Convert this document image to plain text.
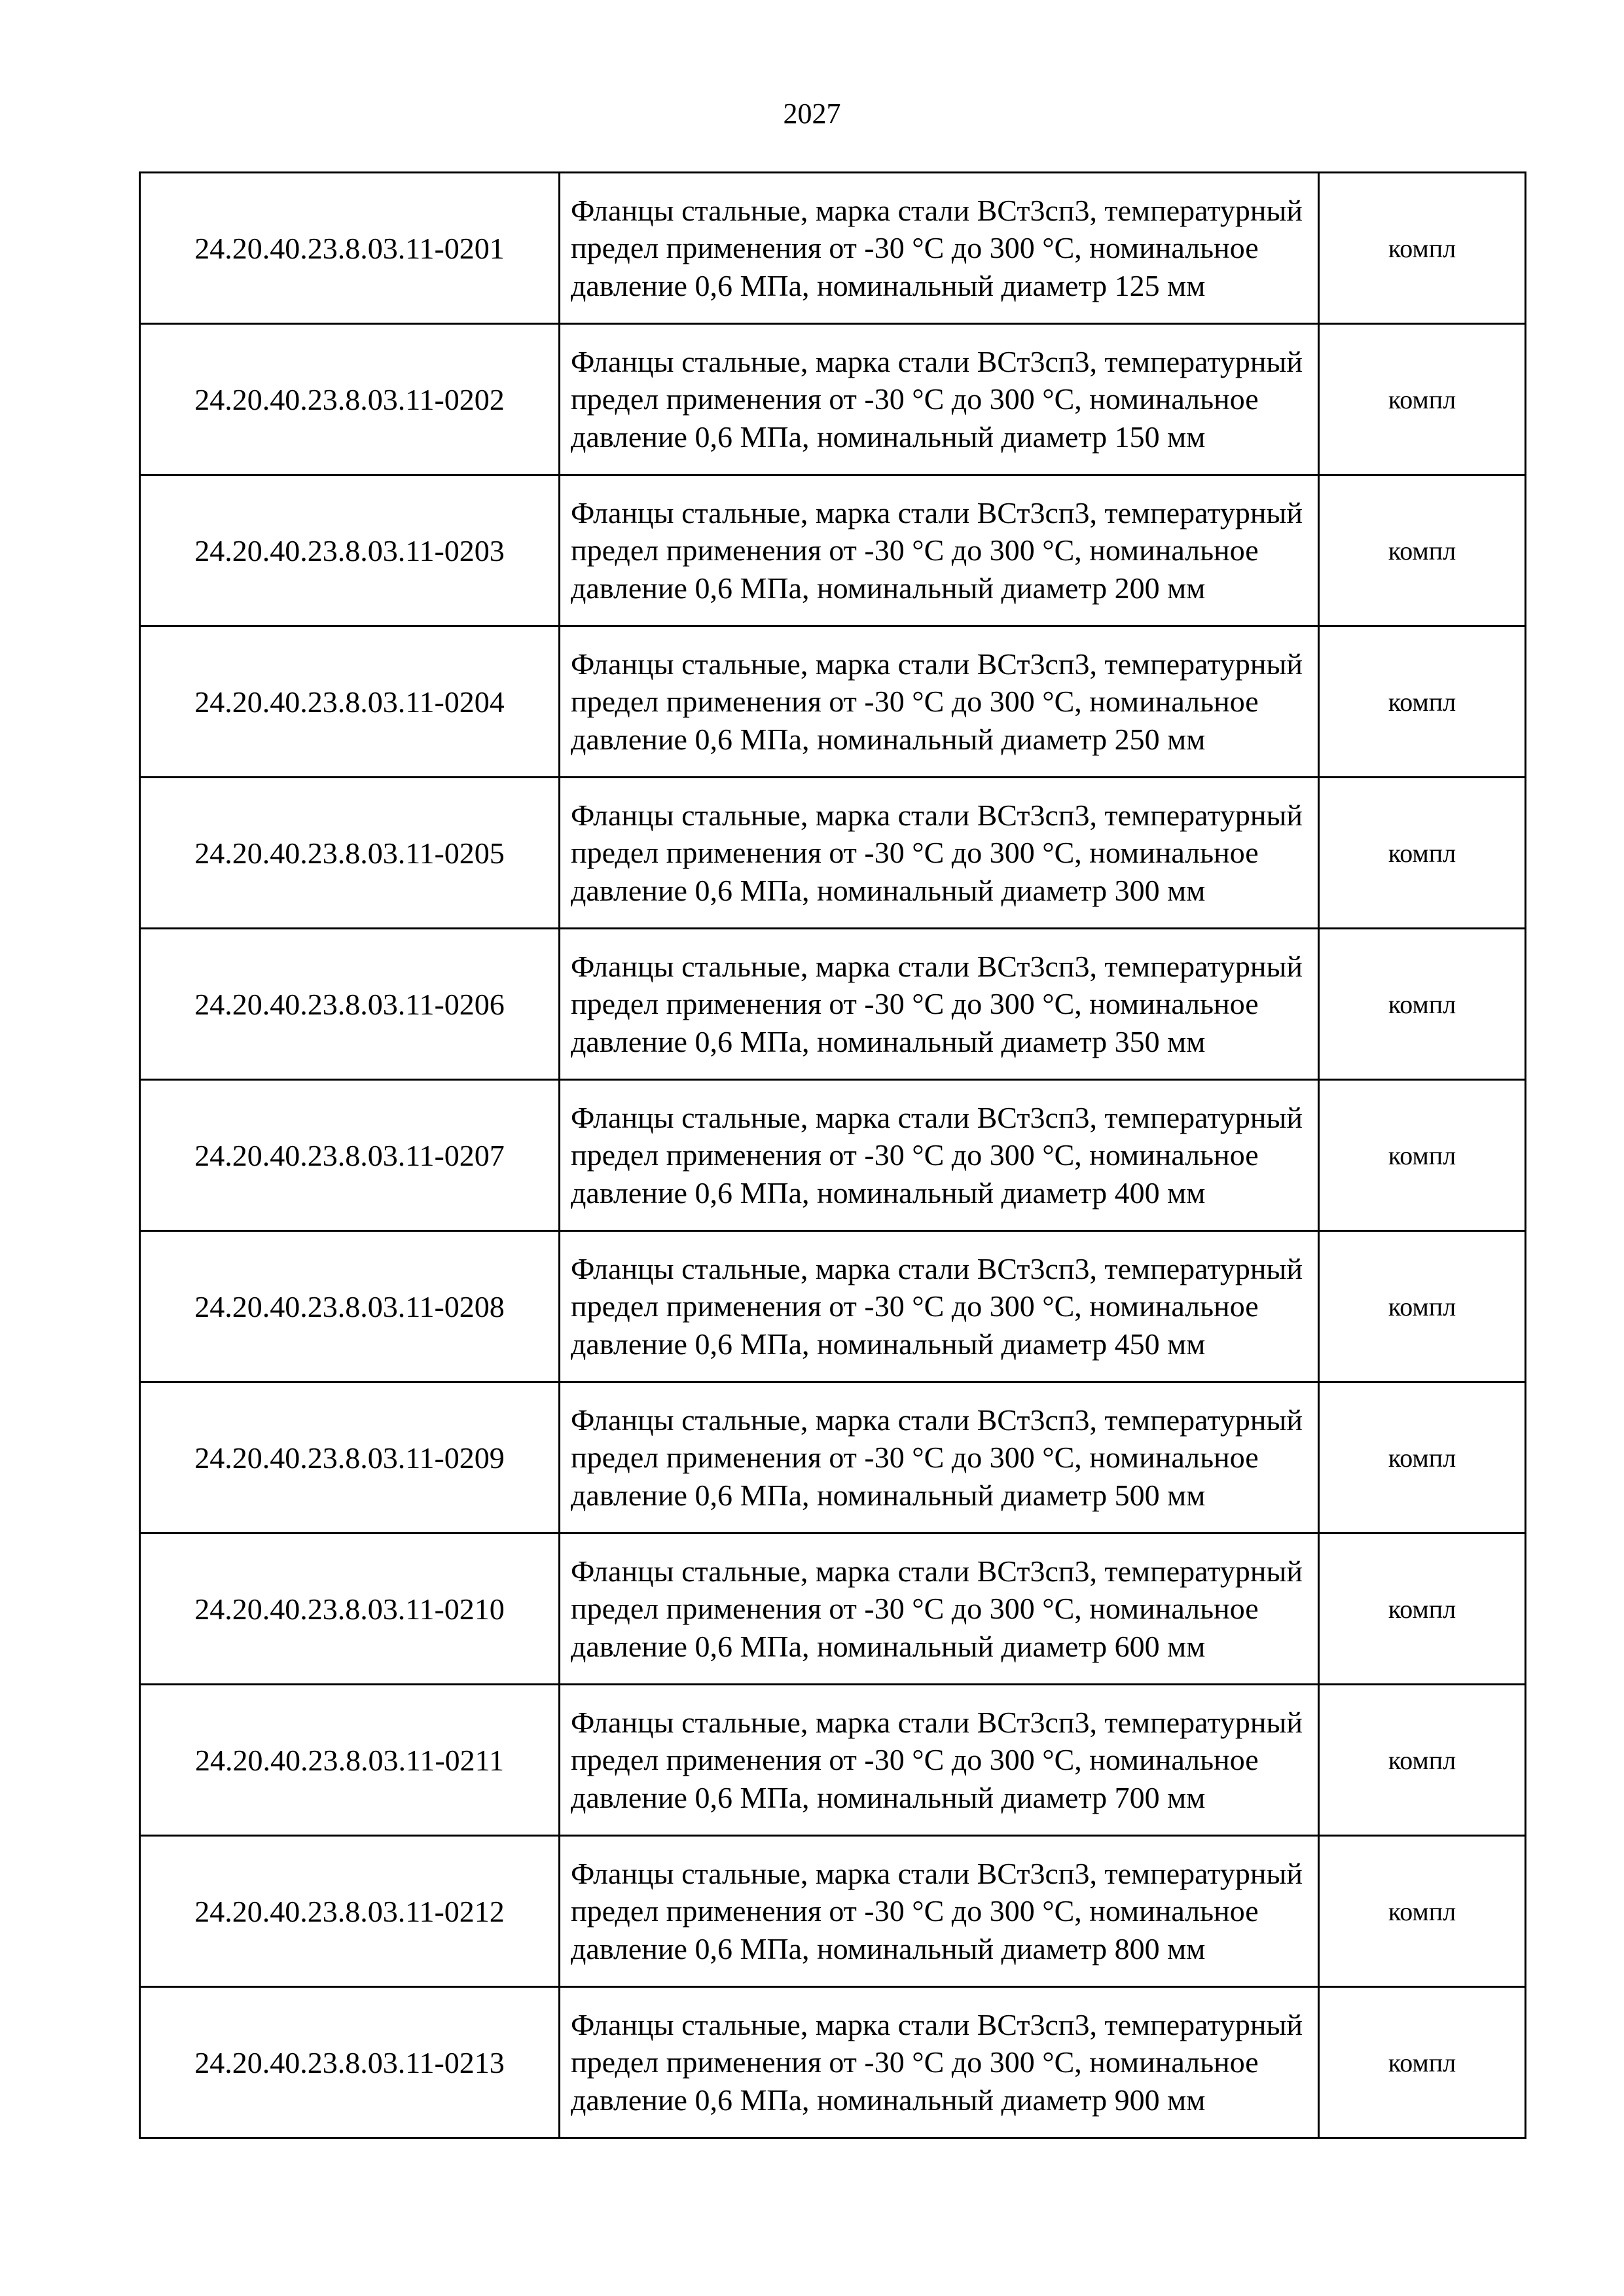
2027
24.20.40.23.8.03.11-0201	Фланцы стальные, марка стали ВСт3сп3, температурный предел применения от -30 °С до 300 °С, номинальное давление 0,6 МПа, номинальный диаметр 125 мм	компл
24.20.40.23.8.03.11-0202	Фланцы стальные, марка стали ВСт3сп3, температурный предел применения от -30 °С до 300 °С, номинальное давление 0,6 МПа, номинальный диаметр 150 мм	компл
24.20.40.23.8.03.11-0203	Фланцы стальные, марка стали ВСт3сп3, температурный предел применения от -30 °С до 300 °С, номинальное давление 0,6 МПа, номинальный диаметр 200 мм	компл
24.20.40.23.8.03.11-0204	Фланцы стальные, марка стали ВСт3сп3, температурный предел применения от -30 °С до 300 °С, номинальное давление 0,6 МПа, номинальный диаметр 250 мм	компл
24.20.40.23.8.03.11-0205	Фланцы стальные, марка стали ВСт3сп3, температурный предел применения от -30 °С до 300 °С, номинальное давление 0,6 МПа, номинальный диаметр 300 мм	компл
24.20.40.23.8.03.11-0206	Фланцы стальные, марка стали ВСт3сп3, температурный предел применения от -30 °С до 300 °С, номинальное давление 0,6 МПа, номинальный диаметр 350 мм	компл
24.20.40.23.8.03.11-0207	Фланцы стальные, марка стали ВСт3сп3, температурный предел применения от -30 °С до 300 °С, номинальное давление 0,6 МПа, номинальный диаметр 400 мм	компл
24.20.40.23.8.03.11-0208	Фланцы стальные, марка стали ВСт3сп3, температурный предел применения от -30 °С до 300 °С, номинальное давление 0,6 МПа, номинальный диаметр 450 мм	компл
24.20.40.23.8.03.11-0209	Фланцы стальные, марка стали ВСт3сп3, температурный предел применения от -30 °С до 300 °С, номинальное давление 0,6 МПа, номинальный диаметр 500 мм	компл
24.20.40.23.8.03.11-0210	Фланцы стальные, марка стали ВСт3сп3, температурный предел применения от -30 °С до 300 °С, номинальное давление 0,6 МПа, номинальный диаметр 600 мм	компл
24.20.40.23.8.03.11-0211	Фланцы стальные, марка стали ВСт3сп3, температурный предел применения от -30 °С до 300 °С, номинальное давление 0,6 МПа, номинальный диаметр 700 мм	компл
24.20.40.23.8.03.11-0212	Фланцы стальные, марка стали ВСт3сп3, температурный предел применения от -30 °С до 300 °С, номинальное давление 0,6 МПа, номинальный диаметр 800 мм	компл
24.20.40.23.8.03.11-0213	Фланцы стальные, марка стали ВСт3сп3, температурный предел применения от -30 °С до 300 °С, номинальное давление 0,6 МПа, номинальный диаметр 900 мм	компл
